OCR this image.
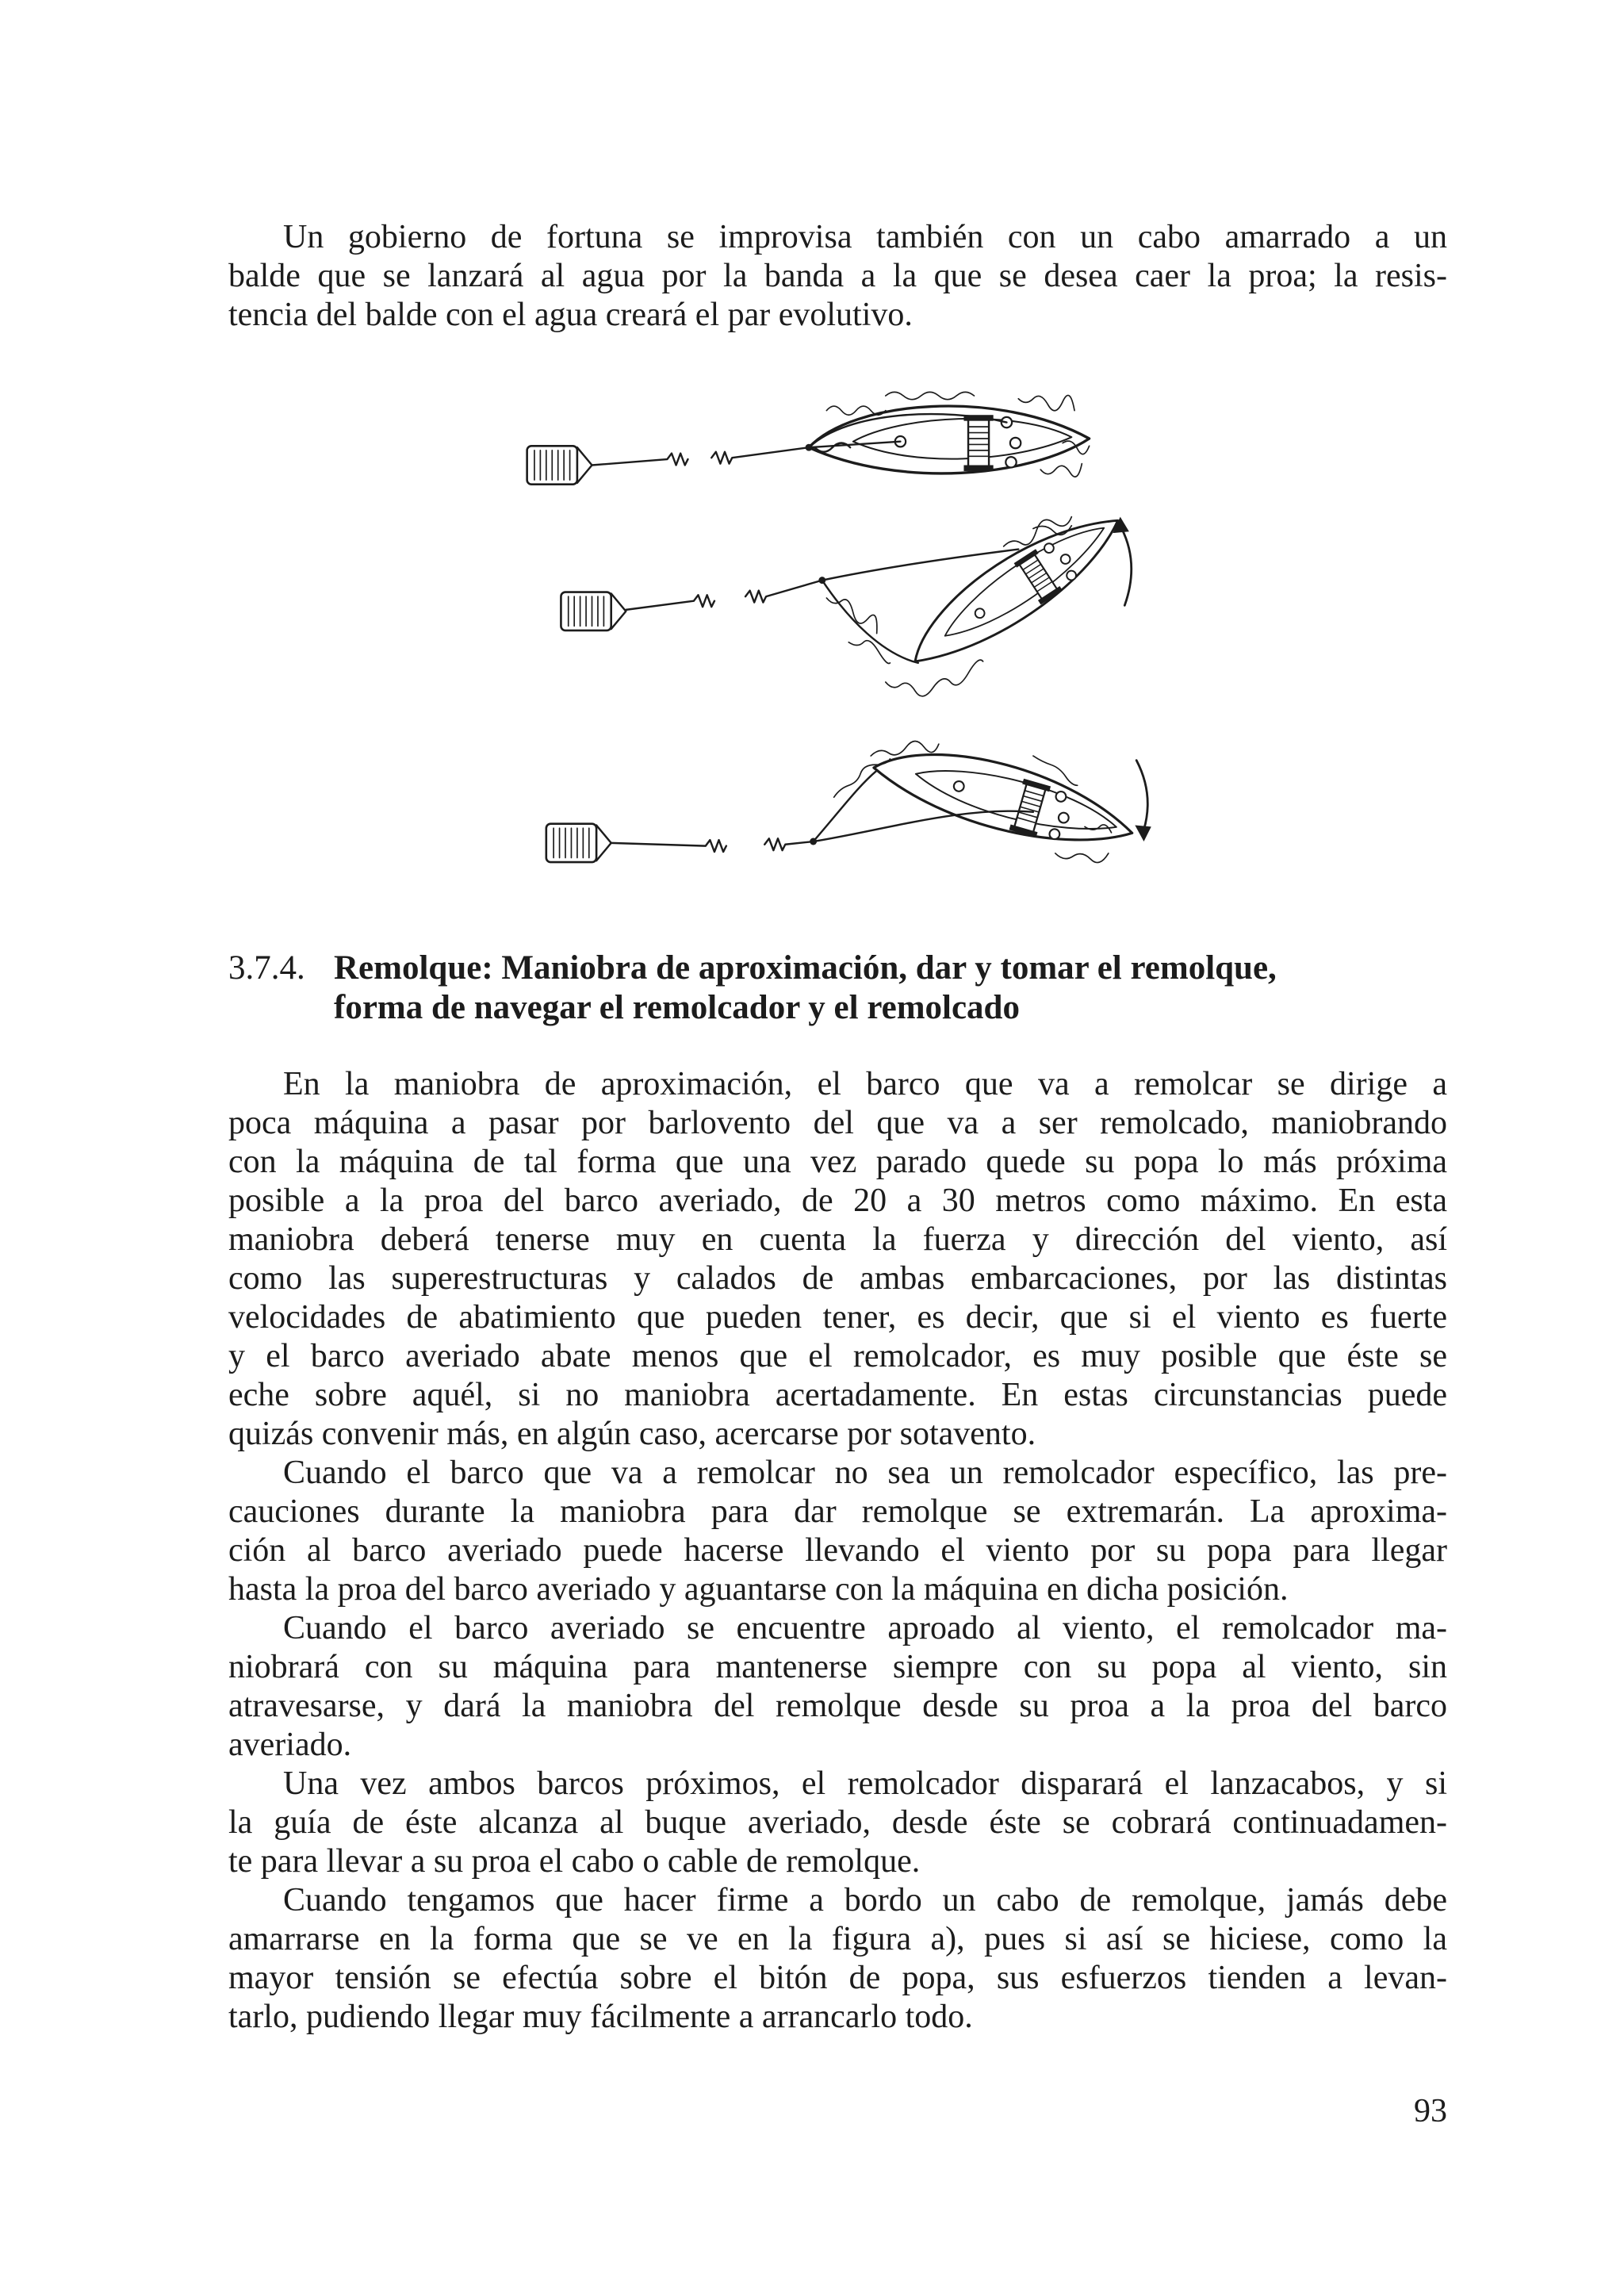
Un gobierno de fortuna se improvisa también con un cabo amarrado a un
balde que se lanzará al agua por la banda a la que se desea caer la proa; la resis-
tencia del balde con el agua creará el par evolutivo.
3.7.4. Remolque: Maniobra de aproximación, dar y tomar el remolque,
forma de navegar el remolcador y el remolcado
En la maniobra de aproximación, el barco que va a remolcar se dirige a
poca máquina a pasar por barlovento del que va a ser remolcado, maniobrando
con la máquina de tal forma que una vez parado quede su popa lo más próxima
posible a la proa del barco averiado, de 20 a 30 metros como máximo. En esta
maniobra deberá tenerse muy en cuenta la fuerza y dirección del viento, así
como las superestructuras y calados de ambas embarcaciones, por las distintas
velocidades de abatimiento que pueden tener, es decir, que si el viento es fuerte
y el barco averiado abate menos que el remolcador, es muy posible que éste se
eche sobre aquél, si no maniobra acertadamente. En estas circunstancias puede
quizás convenir más, en algún caso, acercarse por sotavento.
Cuando el barco que va a remolcar no sea un remolcador específico, las pre-
cauciones durante la maniobra para dar remolque se extremarán. La aproxima-
ción al barco averiado puede hacerse llevando el viento por su popa para llegar
hasta la proa del barco averiado y aguantarse con la máquina en dicha posición.
Cuando el barco averiado se encuentre aproado al viento, el remolcador ma-
niobrará con su máquina para mantenerse siempre con su popa al viento, sin
atravesarse, y dará la maniobra del remolque desde su proa a la proa del barco
averiado.
Una vez ambos barcos próximos, el remolcador disparará el lanzacabos, y si
la guía de éste alcanza al buque averiado, desde éste se cobrará continuadamen-
te para llevar a su proa el cabo o cable de remolque.
Cuando tengamos que hacer firme a bordo un cabo de remolque, jamás debe
amarrarse en la forma que se ve en la figura a), pues si así se hiciese, como la
mayor tensión se efectúa sobre el bitón de popa, sus esfuerzos tienden a levan-
tarlo, pudiendo llegar muy fácilmente a arrancarlo todo.
93
